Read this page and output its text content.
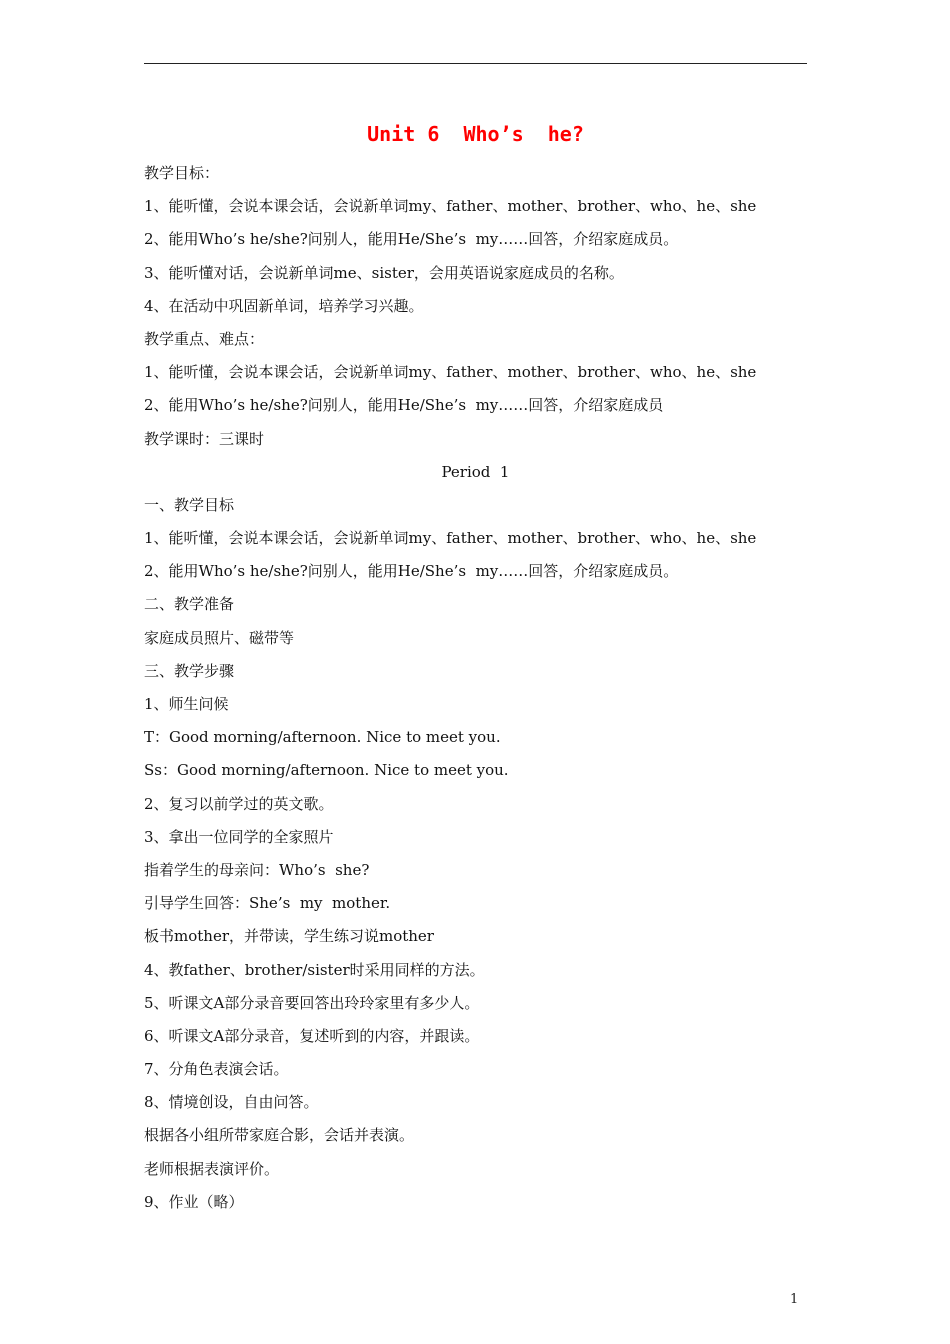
Unit 6  Who’s  he?
教学目标：
1、能听懂，会说本课会话，会说新单词my、father、mother、brother、who、he、she
2、能用Who’s he/she?问别人，能用He/She’s  my……回答，介绍家庭成员。
3、能听懂对话，会说新单词me、sister，会用英语说家庭成员的名称。
4、在活动中巩固新单词，培养学习兴趣。
教学重点、难点：
1、能听懂，会说本课会话，会说新单词my、father、mother、brother、who、he、she
2、能用Who’s he/she?问别人，能用He/She’s  my……回答，介绍家庭成员
教学课时：三课时
Period  1
一、教学目标
1、能听懂，会说本课会话，会说新单词my、father、mother、brother、who、he、she
2、能用Who’s he/she?问别人，能用He/She’s  my……回答，介绍家庭成员。
二、教学准备
家庭成员照片、磁带等
三、教学步骤
1、师生问候
T：Good morning/afternoon. Nice to meet you.
Ss：Good morning/afternoon. Nice to meet you.
2、复习以前学过的英文歌。
3、拿出一位同学的全家照片
指着学生的母亲问：Who’s  she?
引导学生回答：She’s  my  mother.
板书mother，并带读，学生练习说mother
4、教father、brother/sister时采用同样的方法。
5、听课文A部分录音要回答出玲玲家里有多少人。
6、听课文A部分录音，复述听到的内容，并跟读。
7、分角色表演会话。
8、情境创设，自由问答。
根据各小组所带家庭合影，会话并表演。
老师根据表演评价。
9、作业（略）
1
